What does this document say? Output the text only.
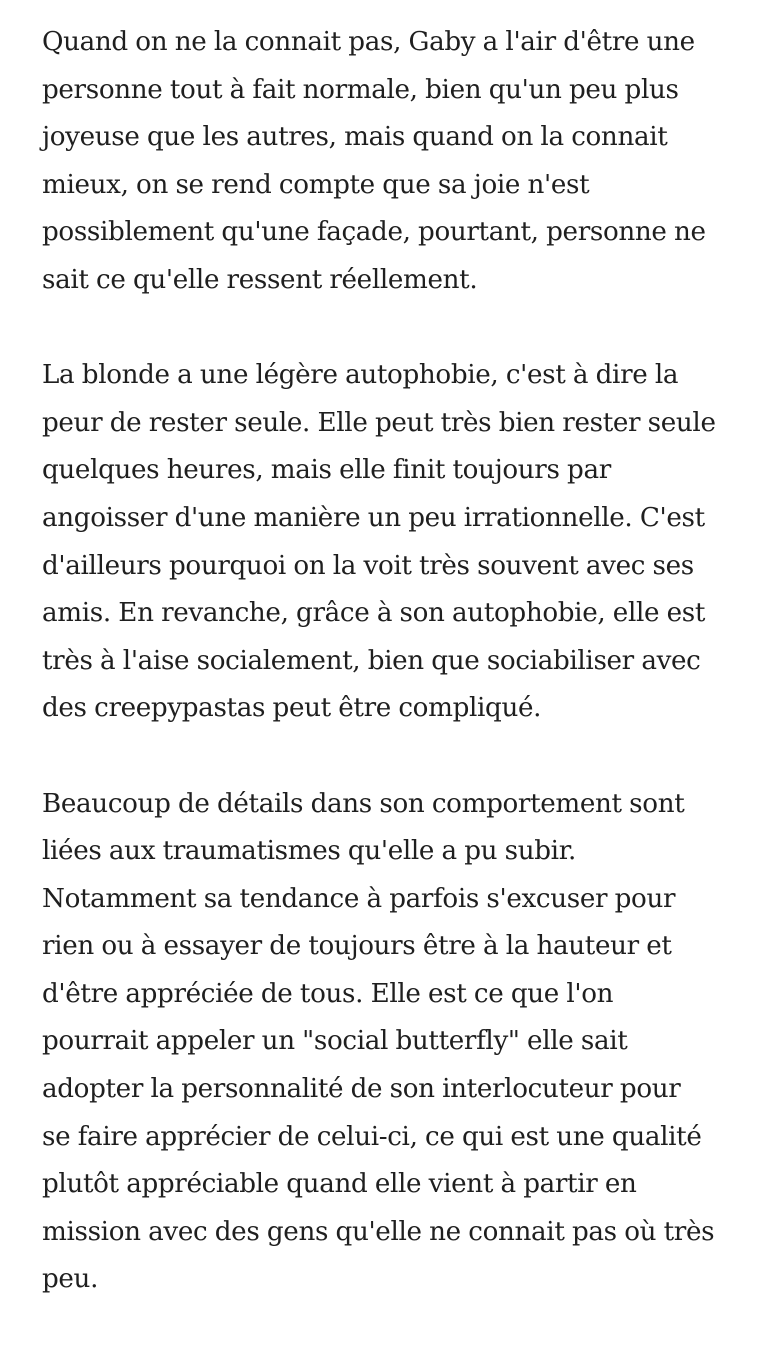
Quand on ne la connait pas, Gaby a l'air d'être une
personne tout à fait normale, bien qu'un peu plus
joyeuse que les autres, mais quand on la connait
mieux, on se rend compte que sa joie n'est
possiblement qu'une façade, pourtant, personne ne
sait ce qu'elle ressent réellement.

La blonde a une légère autophobie, c'est à dire la
peur de rester seule. Elle peut très bien rester seule
quelques heures, mais elle finit toujours par
angoisser d'une manière un peu irrationnelle. C'est
d'ailleurs pourquoi on la voit très souvent avec ses
amis. En revanche, grâce à son autophobie, elle est
très à l'aise socialement, bien que sociabiliser avec
des creepypastas peut être compliqué.

Beaucoup de détails dans son comportement sont
liées aux traumatismes qu'elle a pu subir.
Notamment sa tendance à parfois s'excuser pour
rien ou à essayer de toujours être à la hauteur et
d'être appréciée de tous. Elle est ce que l'on
pourrait appeler un "social butterfly" elle sait
adopter la personnalité de son interlocuteur pour
se faire apprécier de celui-ci, ce qui est une qualité
plutôt appréciable quand elle vient à partir en
mission avec des gens qu'elle ne connait pas où très
peu.
